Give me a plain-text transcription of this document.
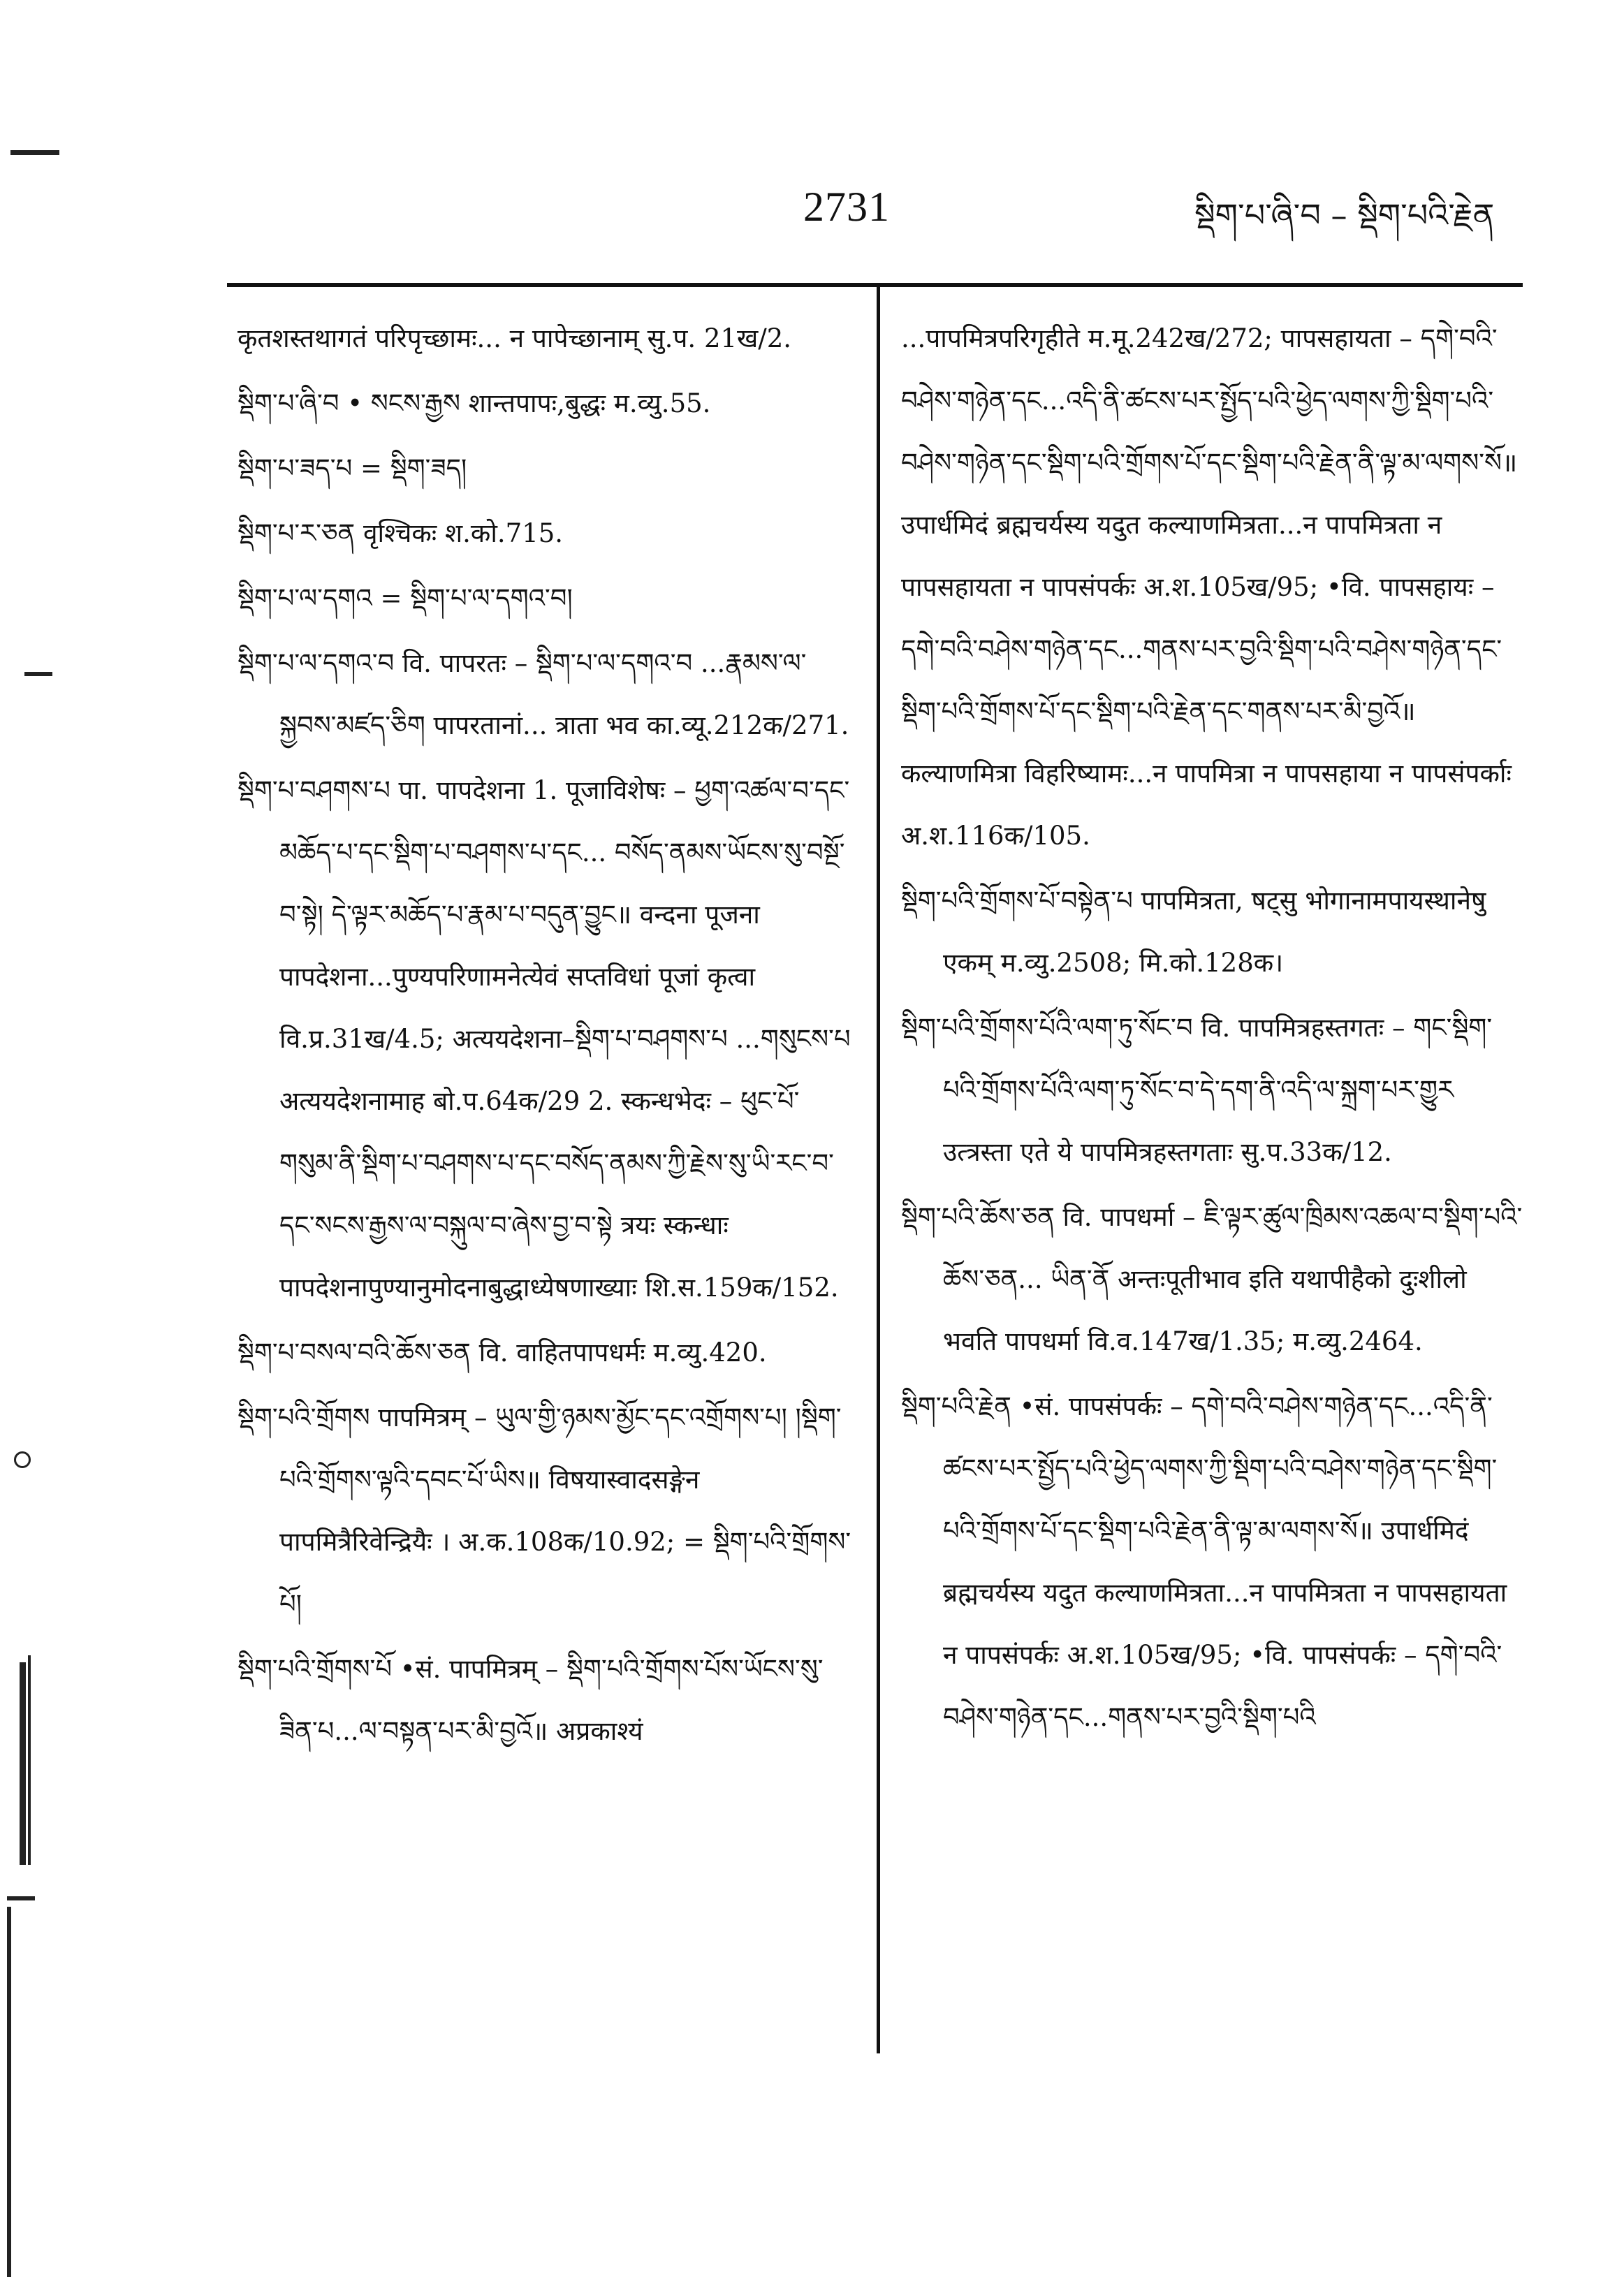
2731	སྡིག་པ་ཞི་བ – སྡིག་པའི་རྗེན

कृतशस्तथागतं परिपृच्छामः... न पापेच्छानाम् सु.प. 21ख/2.

སྡིག་པ་ཞི་བ • སངས་རྒྱས शान्तपापः,बुद्धः म.व्यु.55.

སྡིག་པ་ཟད་པ = སྡིག་ཟད།

སྡིག་པ་ར་ཅན वृश्चिकः श.को.715.

སྡིག་པ་ལ་དགའ = སྡིག་པ་ལ་དགའ་བ།

སྡིག་པ་ལ་དགའ་བ वि. पापरतः – སྡིག་པ་ལ་དགའ་བ ...རྣམས་ལ་སྐྱབས་མཛད་ཅིག पापरतानां... त्राता भव का.व्यू.212क/271.

སྡིག་པ་བཤགས་པ पा. पापदेशना 1. पूजाविशेषः – ཕྱག་འཚལ་བ་དང་མཆོད་པ་དང་སྡིག་པ་བཤགས་པ་དང... བསོད་ནམས་ཡོངས་སུ་བསྔོ་བ་སྟེ། དེ་ལྟར་མཆོད་པ་རྣམ་པ་བདུན་བྱུང॥ वन्दना पूजना पापदेशना...पुण्यपरिणामनेत्येवं सप्तविधां पूजां कृत्वा वि.प्र.31ख/4.5; अत्ययदेशना–སྡིག་པ་བཤགས་པ ...གསུངས་པ अत्ययदेशनामाह बो.प.64क/29 2. स्कन्धभेदः – ཕུང་པོ་གསུམ་ནི་སྡིག་པ་བཤགས་པ་དང་བསོད་ནམས་ཀྱི་རྗེས་སུ་ཡི་རང་བ་དང་སངས་རྒྱས་ལ་བསྐུལ་བ་ཞེས་བྱ་བ་སྟེ त्रयः स्कन्धाः पापदेशनापुण्यानुमोदनाबुद्धाध्येषणाख्याः शि.स.159क/152.

སྡིག་པ་བསལ་བའི་ཆོས་ཅན वि. वाहितपापधर्मः म.व्यु.420.

སྡིག་པའི་གྲོགས पापमित्रम् – ཡུལ་གྱི་ཉམས་མྱོང་དང་འགྲོགས་པ། །སྡིག་པའི་གྲོགས་ལྟའི་དབང་པོ་ཡིས॥ विषयास्वादसङ्गेन पापमित्रैरिवेन्द्रियैः । अ.क.108क/10.92; = སྡིག་པའི་གྲོགས་པོ།

སྡིག་པའི་གྲོགས་པོ •सं. पापमित्रम् – སྡིག་པའི་གྲོགས་པོས་ཡོངས་སུ་ཟིན་པ...ལ་བསྟན་པར་མི་བྱའོ॥ अप्रकाश्यं

...पापमित्रपरिगृहीते म.मू.242ख/272; पापसहायता – དགེ་བའི་བཤེས་གཉེན་དང...འདི་ནི་ཚངས་པར་སྤྱོད་པའི་ཕྱེད་ལགས་ཀྱི་སྡིག་པའི་བཤེས་གཉེན་དང་སྡིག་པའི་གྲོགས་པོ་དང་སྡིག་པའི་རྗེན་ནི་ལྟ་མ་ལགས་སོ॥ उपार्धमिदं ब्रह्मचर्यस्य यदुत कल्याणमित्रता...न पापमित्रता न पापसहायता न पापसंपर्कः अ.श.105ख/95; •वि. पापसहायः – དགེ་བའི་བཤེས་གཉེན་དང...གནས་པར་བྱའི་སྡིག་པའི་བཤེས་གཉེན་དང་སྡིག་པའི་གྲོགས་པོ་དང་སྡིག་པའི་རྗེན་དང་གནས་པར་མི་བྱའོ॥ कल्याणमित्रा विहरिष्यामः...न पापमित्रा न पापसहाया न पापसंपर्काः अ.श.116क/105.

སྡིག་པའི་གྲོགས་པོ་བསྟེན་པ पापमित्रता, षट्सु भोगानामपायस्थानेषु एकम् म.व्यु.2508; मि.को.128क।

སྡིག་པའི་གྲོགས་པོའི་ལག་ཏུ་སོང་བ वि. पापमित्रहस्तगतः – གང་སྡིག་པའི་གྲོགས་པོའི་ལག་ཏུ་སོང་བ་དེ་དག་ནི་འདི་ལ་སྐྲག་པར་གྱུར उत्त्रस्ता एते ये पापमित्रहस्तगताः सु.प.33क/12.

སྡིག་པའི་ཆོས་ཅན वि. पापधर्मा – ཇི་ལྟར་ཚུལ་ཁྲིམས་འཆལ་བ་སྡིག་པའི་ཆོས་ཅན... ཡིན་ནོ अन्तःपूतीभाव इति यथापीहैको दुःशीलो भवति पापधर्मा वि.व.147ख/1.35; म.व्यु.2464.

སྡིག་པའི་རྗེན •सं. पापसंपर्कः – དགེ་བའི་བཤེས་གཉེན་དང...འདི་ནི་ཚངས་པར་སྤྱོད་པའི་ཕྱེད་ལགས་ཀྱི་སྡིག་པའི་བཤེས་གཉེན་དང་སྡིག་པའི་གྲོགས་པོ་དང་སྡིག་པའི་རྗེན་ནི་ལྟ་མ་ལགས་སོ॥ उपार्धमिदं ब्रह्मचर्यस्य यदुत कल्याणमित्रता...न पापमित्रता न पापसहायता न पापसंपर्कः अ.श.105ख/95; •वि. पापसंपर्कः – དགེ་བའི་བཤེས་གཉེན་དང...གནས་པར་བྱའི་སྡིག་པའི
